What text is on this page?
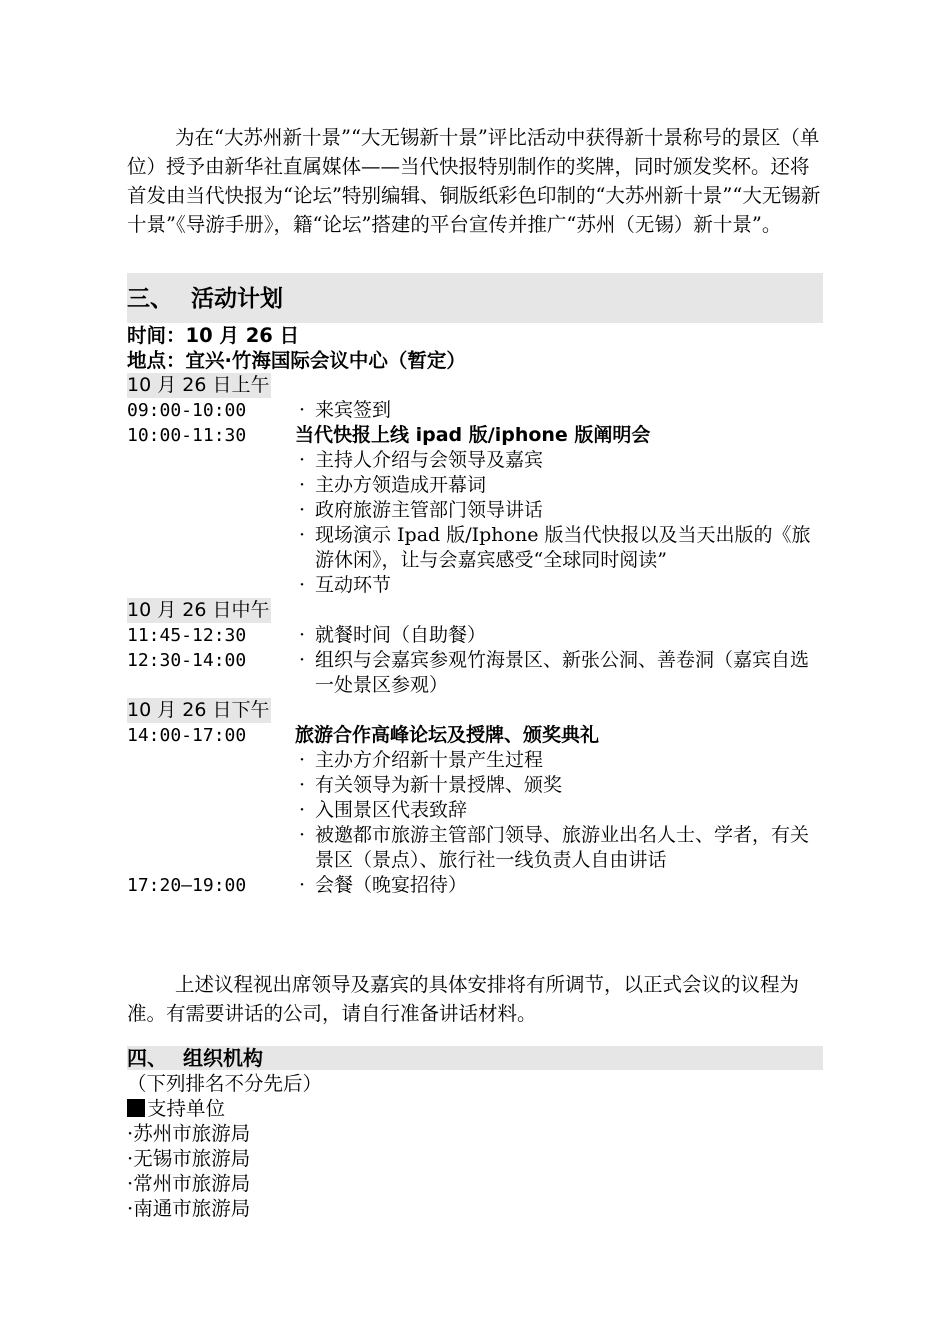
为在“大苏州新十景”“大无锡新十景”评比活动中获得新十景称号的景区（单位）授予由新华社直属媒体——当代快报特别制作的奖牌，同时颁发奖杯。还将首发由当代快报为“论坛”特别编辑、铜版纸彩色印制的“大苏州新十景”“大无锡新十景”《导游手册》，籍“论坛”搭建的平台宣传并推广“苏州（无锡）新十景”。

三、 活动计划
时间：10 月 26 日
地点：宜兴·竹海国际会议中心（暂定）
10 月 26 日上午
09:00-10:00	· 来宾签到
10:00-11:30	当代快报上线 ipad 版/iphone 版阐明会
· 主持人介绍与会领导及嘉宾
· 主办方领造成开幕词
· 政府旅游主管部门领导讲话
· 现场演示 Ipad 版/Iphone 版当代快报以及当天出版的《旅游休闲》，让与会嘉宾感受“全球同时阅读”
· 互动环节
10 月 26 日中午
11:45-12:30	· 就餐时间（自助餐）
12:30-14:00	· 组织与会嘉宾参观竹海景区、新张公洞、善卷洞（嘉宾自选一处景区参观）
10 月 26 日下午
14:00-17:00	旅游合作高峰论坛及授牌、颁奖典礼
· 主办方介绍新十景产生过程
· 有关领导为新十景授牌、颁奖
· 入围景区代表致辞
· 被邀都市旅游主管部门领导、旅游业出名人士、学者，有关景区（景点）、旅行社一线负责人自由讲话
17:20—19:00	· 会餐（晚宴招待）

上述议程视出席领导及嘉宾的具体安排将有所调节，以正式会议的议程为准。有需要讲话的公司，请自行准备讲话材料。

四、 组织机构
（下列排名不分先后）
支持单位
·苏州市旅游局
·无锡市旅游局
·常州市旅游局
·南通市旅游局
